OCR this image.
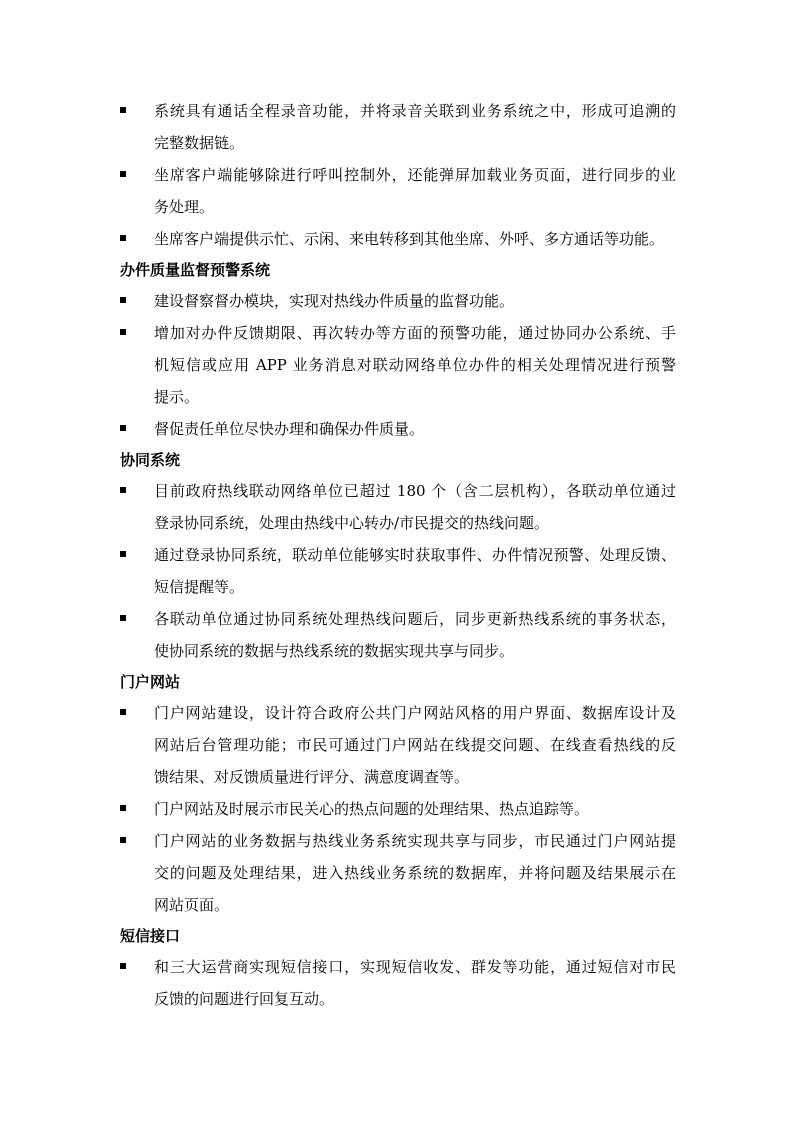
系统具有通话全程录音功能，并将录音关联到业务系统之中，形成可追溯的
完整数据链。
坐席客户端能够除进行呼叫控制外，还能弹屏加载业务页面，进行同步的业
务处理。
坐席客户端提供示忙、示闲、来电转移到其他坐席、外呼、多方通话等功能。
办件质量监督预警系统
建设督察督办模块，实现对热线办件质量的监督功能。
增加对办件反馈期限、再次转办等方面的预警功能，通过协同办公系统、手
机短信或应用 APP 业务消息对联动网络单位办件的相关处理情况进行预警
提示。
督促责任单位尽快办理和确保办件质量。
协同系统
目前政府热线联动网络单位已超过 180 个（含二层机构），各联动单位通过
登录协同系统，处理由热线中心转办/市民提交的热线问题。
通过登录协同系统，联动单位能够实时获取事件、办件情况预警、处理反馈、
短信提醒等。
各联动单位通过协同系统处理热线问题后，同步更新热线系统的事务状态，
使协同系统的数据与热线系统的数据实现共享与同步。
门户网站
门户网站建设，设计符合政府公共门户网站风格的用户界面、数据库设计及
网站后台管理功能；市民可通过门户网站在线提交问题、在线查看热线的反
馈结果、对反馈质量进行评分、满意度调查等。
门户网站及时展示市民关心的热点问题的处理结果、热点追踪等。
门户网站的业务数据与热线业务系统实现共享与同步，市民通过门户网站提
交的问题及处理结果，进入热线业务系统的数据库，并将问题及结果展示在
网站页面。
短信接口
和三大运营商实现短信接口，实现短信收发、群发等功能，通过短信对市民
反馈的问题进行回复互动。
